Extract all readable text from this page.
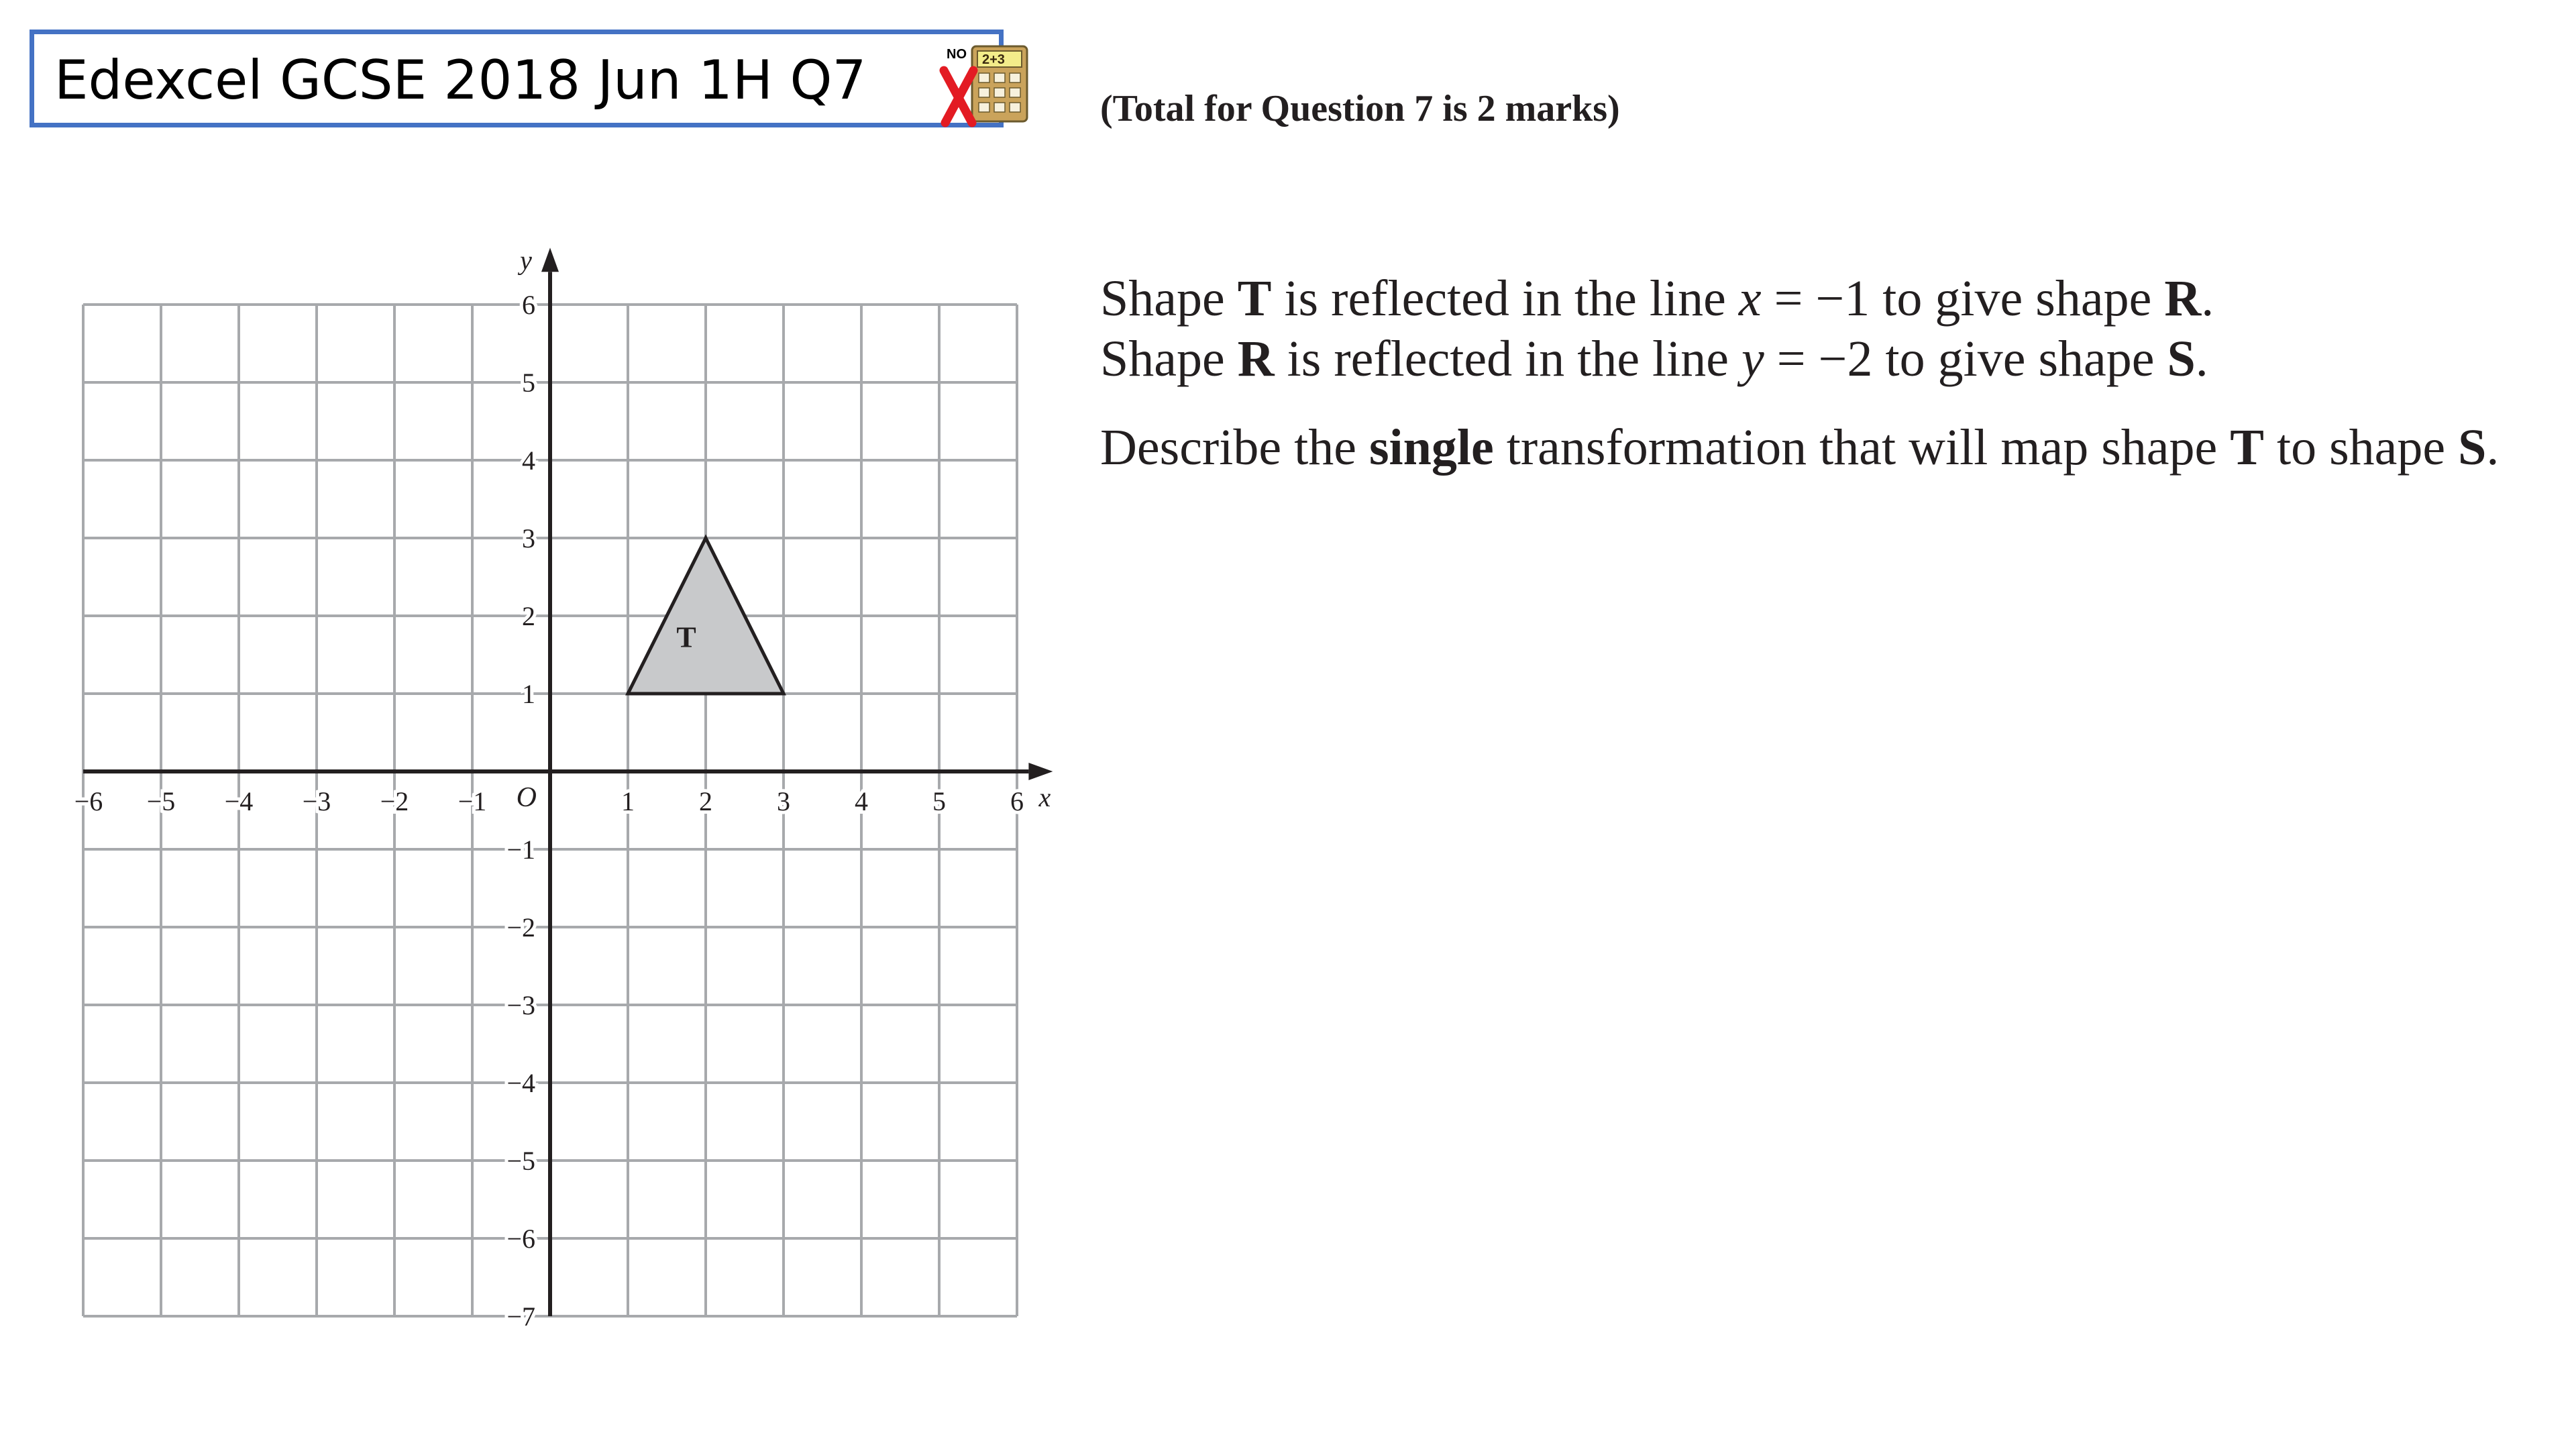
Edexcel GCSE 2018 Jun 1H Q7	NO 2+3
(Total for Question 7 is 2 marks)
Shape T is reflected in the line x = −1 to give shape R.
Shape R is reflected in the line y = −2 to give shape S.
Describe the single transformation that will map shape T to shape S.
−6 −5 −4 −3 −2 −1	1 2 3 4 5 6
6
5
4
3
2
1
−1
−2
−3
−4
−5
−6
−7
O	x
y
T
